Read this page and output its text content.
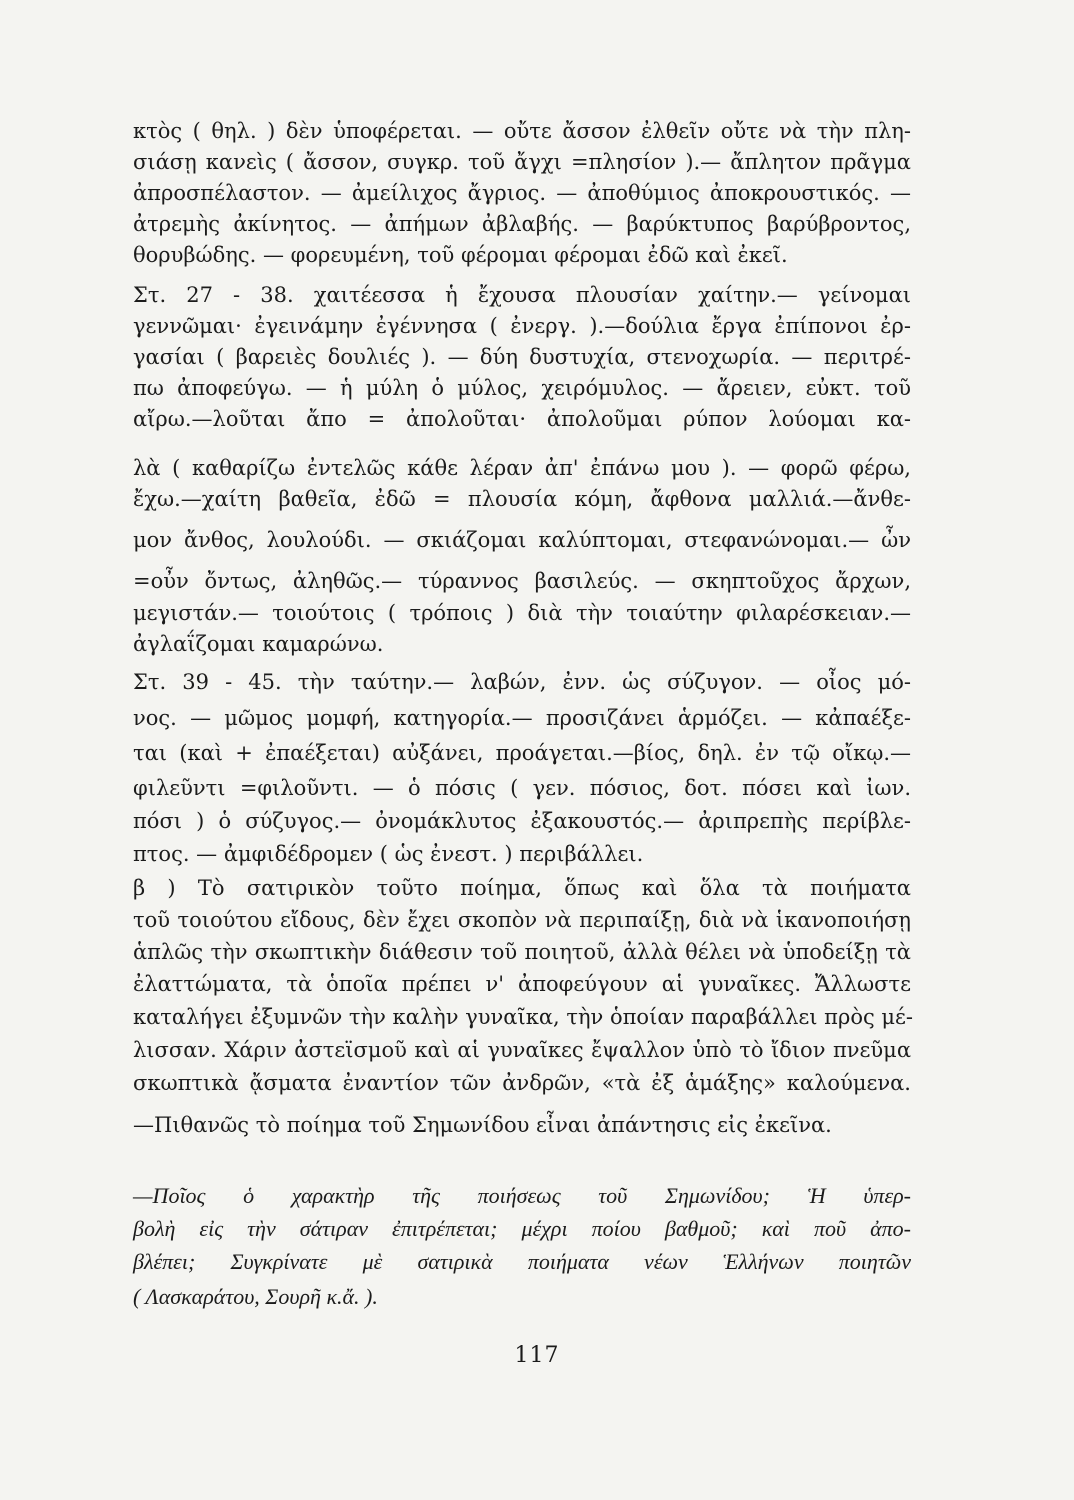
κτὸς ( θηλ. ) δὲν ὑποφέρεται. — οὔτε ἄσσον ἐλθεῖν οὔτε νὰ τὴν πλη-
σιάσῃ κανεὶς ( ἄσσον, συγκρ. τοῦ ἄγχι =πλησίον ).— ἄπλητον πρᾶγμα
ἀπροσπέλαστον. — ἀμείλιχος ἄγριος. — ἀποθύμιος ἀποκρουστικός. —
ἀτρεμὴς ἀκίνητος. — ἀπήμων ἀβλαβής. — βαρύκτυπος βαρύβροντος,
θορυβώδης. — φορευμένη, τοῦ φέρομαι φέρομαι ἐδῶ καὶ ἐκεῖ.
Στ. 27 - 38. χαιτέεσσα ἡ ἔχουσα πλουσίαν χαίτην.— γείνομαι
γεννῶμαι· ἐγεινάμην ἐγέννησα ( ἐνεργ. ).—δούλια ἔργα ἐπίπονοι ἐρ-
γασίαι ( βαρειὲς δουλιές ). — δύη δυστυχία, στενοχωρία. — περιτρέ-
πω ἀποφεύγω. — ἡ μύλη ὁ μύλος, χειρόμυλος. — ἄρειεν, εὐκτ. τοῦ
αἴρω.—λοῦται ἄπο = ἀπολοῦται· ἀπολοῦμαι ρύπον λούομαι κα-
λὰ ( καθαρίζω ἐντελῶς κάθε λέραν ἀπ' ἐπάνω μου ). — φορῶ φέρω,
ἔχω.—χαίτη βαθεῖα, ἐδῶ = πλουσία κόμη, ἄφθονα μαλλιά.—ἄνθε-
μον ἄνθος, λουλούδι. — σκιάζομαι καλύπτομαι, στεφανώνομαι.— ὦν
=οὖν ὄντως, ἀληθῶς.— τύραννος βασιλεύς. — σκηπτοῦχος ἄρχων,
μεγιστάν.— τοιούτοις ( τρόποις ) διὰ τὴν τοιαύτην φιλαρέσκειαν.—
ἀγλαΐζομαι καμαρώνω.
Στ. 39 - 45. τὴν ταύτην.— λαβών, ἐνν. ὡς σύζυγον. — οἶος μό-
νος. — μῶμος μομφή, κατηγορία.— προσιζάνει ἁρμόζει. — κἀπαέξε-
ται (καὶ + ἐπαέξεται) αὐξάνει, προάγεται.—βίος, δηλ. ἐν τῷ οἴκῳ.—
φιλεῦντι =φιλοῦντι. — ὁ πόσις ( γεν. πόσιος, δοτ. πόσει καὶ ἰων.
πόσι ) ὁ σύζυγος.— ὀνομάκλυτος ἐξακουστός.— ἀριπρεπὴς περίβλε-
πτος. — ἀμφιδέδρομεν ( ὡς ἐνεστ. ) περιβάλλει.
β ) Τὸ σατιρικὸν τοῦτο ποίημα, ὅπως καὶ ὅλα τὰ ποιήματα
τοῦ τοιούτου εἴδους, δὲν ἔχει σκοπὸν νὰ περιπαίξῃ, διὰ νὰ ἱκανοποιήσῃ
ἁπλῶς τὴν σκωπτικὴν διάθεσιν τοῦ ποιητοῦ, ἀλλὰ θέλει νὰ ὑποδείξῃ τὰ
ἐλαττώματα, τὰ ὁποῖα πρέπει ν' ἀποφεύγουν αἱ γυναῖκες. Ἄλλωστε
καταλήγει ἐξυμνῶν τὴν καλὴν γυναῖκα, τὴν ὁποίαν παραβάλλει πρὸς μέ-
λισσαν. Χάριν ἀστεϊσμοῦ καὶ αἱ γυναῖκες ἔψαλλον ὑπὸ τὸ ἴδιον πνεῦμα
σκωπτικὰ ᾄσματα ἐναντίον τῶν ἀνδρῶν, «τὰ ἐξ ἁμάξης» καλούμενα.
—Πιθανῶς τὸ ποίημα τοῦ Σημωνίδου εἶναι ἀπάντησις εἰς ἐκεῖνα.
—Ποῖος ὁ χαρακτὴρ τῆς ποιήσεως τοῦ Σημωνίδου; Ἡ ὑπερ-
βολὴ εἰς τὴν σάτιραν ἐπιτρέπεται; μέχρι ποίου βαθμοῦ; καὶ ποῦ ἀπο-
βλέπει; Συγκρίνατε μὲ σατιρικὰ ποιήματα νέων Ἑλλήνων ποιητῶν
( Λασκαράτου, Σουρῆ κ.ἄ. ).
117
